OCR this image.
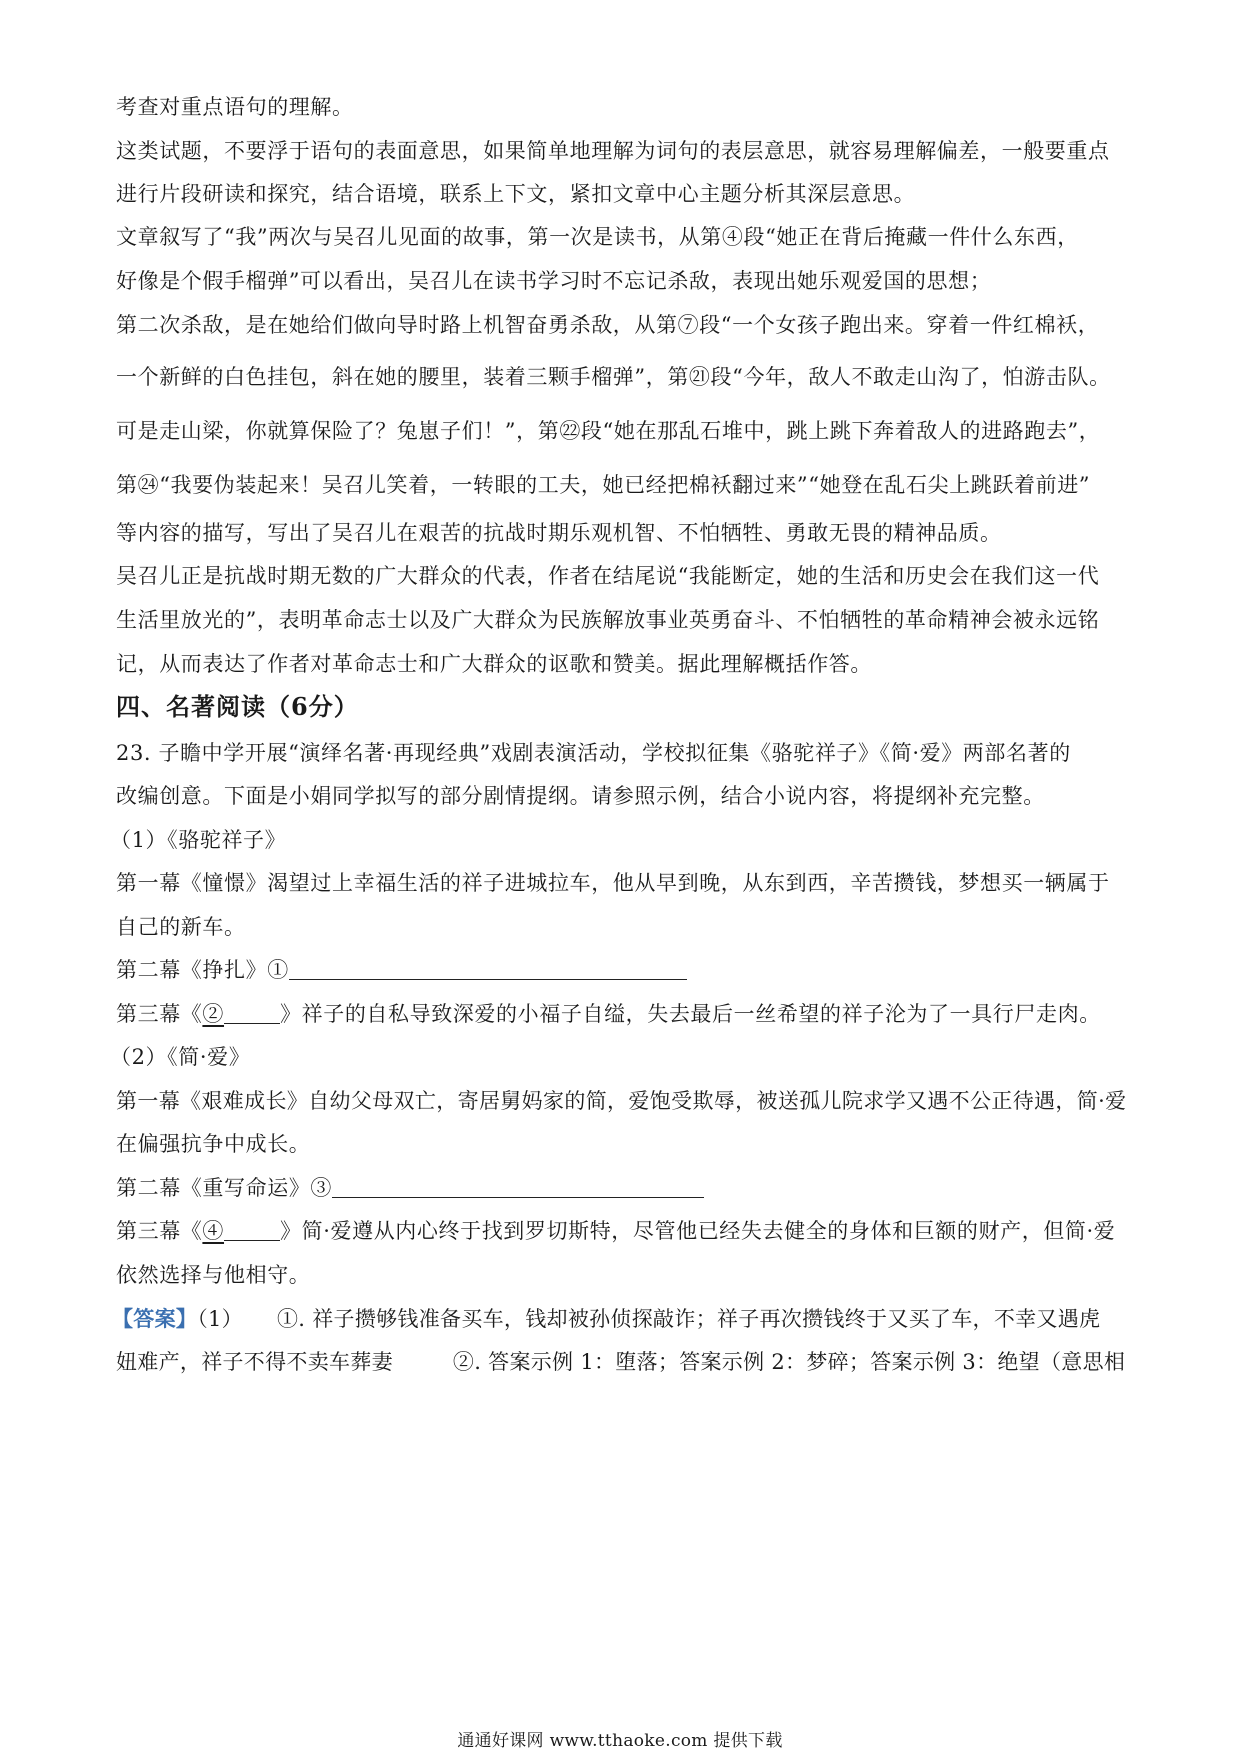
考查对重点语句的理解。
这类试题，不要浮于语句的表面意思，如果简单地理解为词句的表层意思，就容易理解偏差，一般要重点
进行片段研读和探究，结合语境，联系上下文，紧扣文章中心主题分析其深层意思。
文章叙写了“我”两次与吴召儿见面的故事，第一次是读书，从第④段“她正在背后掩藏一件什么东西，
好像是个假手榴弹”可以看出，吴召儿在读书学习时不忘记杀敌，表现出她乐观爱国的思想；
第二次杀敌，是在她给们做向导时路上机智奋勇杀敌，从第⑦段“一个女孩子跑出来。穿着一件红棉袄，
一个新鲜的白色挂包，斜在她的腰里，装着三颗手榴弹”，第㉑段“今年，敌人不敢走山沟了，怕游击队。
可是走山梁，你就算保险了？兔崽子们！”，第㉒段“她在那乱石堆中，跳上跳下奔着敌人的进路跑去”，
第㉔“我要伪装起来！吴召儿笑着，一转眼的工夫，她已经把棉袄翻过来”“她登在乱石尖上跳跃着前进”
等内容的描写，写出了吴召儿在艰苦的抗战时期乐观机智、不怕牺牲、勇敢无畏的精神品质。
吴召儿正是抗战时期无数的广大群众的代表，作者在结尾说“我能断定，她的生活和历史会在我们这一代
生活里放光的”，表明革命志士以及广大群众为民族解放事业英勇奋斗、不怕牺牲的革命精神会被永远铭
记，从而表达了作者对革命志士和广大群众的讴歌和赞美。据此理解概括作答。
四、名著阅读（6分）
23. 子瞻中学开展“演绎名著·再现经典”戏剧表演活动，学校拟征集《骆驼祥子》《简·爱》两部名著的
改编创意。下面是小娟同学拟写的部分剧情提纲。请参照示例，结合小说内容，将提纲补充完整。
（1）《骆驼祥子》
第一幕《憧憬》渴望过上幸福生活的祥子进城拉车，他从早到晚，从东到西，辛苦攒钱，梦想买一辆属于
自己的新车。
第二幕《挣扎》①
第三幕《②	》祥子的自私导致深爱的小福子自缢，失去最后一丝希望的祥子沦为了一具行尸走肉。
（2）《简·爱》
第一幕《艰难成长》自幼父母双亡，寄居舅妈家的简，爱饱受欺辱，被送孤儿院求学又遇不公正待遇，简·爱
在偏强抗争中成长。
第二幕《重写命运》③
第三幕《④	》简·爱遵从内心终于找到罗切斯特，尽管他已经失去健全的身体和巨额的财产，但简·爱
依然选择与他相守。
【答案】（1） ①. 祥子攒够钱准备买车，钱却被孙侦探敲诈；祥子再次攒钱终于又买了车，不幸又遇虎
妞难产，祥子不得不卖车葬妻	②. 答案示例 1：堕落；答案示例 2：梦碎；答案示例 3：绝望（意思相
通通好课网 www.tthaoke.com 提供下载
